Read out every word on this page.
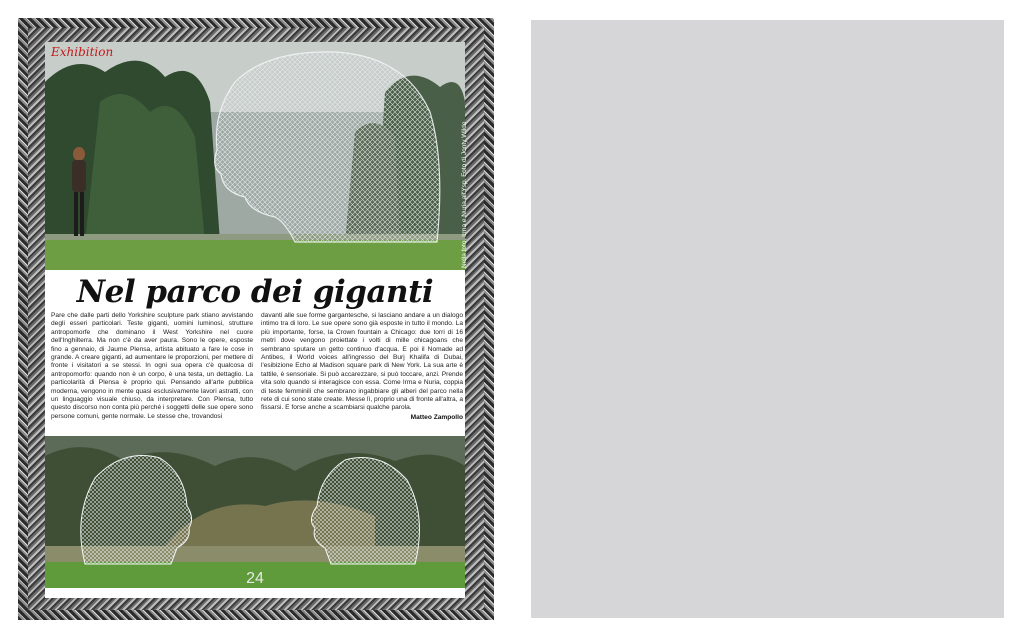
Exhibition
Nella foto, Irma e Nuria all'Ysp. Foto di Jonty Wilde
Nel parco dei giganti
Pare che dalle parti dello Yorkshire sculpture park stiano avvistando degli esseri particolari. Teste giganti, uomini luminosi, strutture antropomorfe che dominano il West Yorkshire nel cuore dell'Inghilterra. Ma non c'è da aver paura. Sono le opere, esposte fino a gennaio, di Jaume Plensa, artista abituato a fare le cose in grande. A creare giganti, ad aumentare le proporzioni, per mettere di fronte i visitatori a se stessi. In ogni sua opera c'è qualcosa di antropomorfo: quando non è un corpo, è una testa, un dettaglio. La particolarità di Plensa è proprio qui. Pensando all'arte pubblica moderna, vengono in mente quasi esclusivamente lavori astratti, con un linguaggio visuale chiuso, da interpretare. Con Plensa, tutto questo discorso non conta più perché i soggetti delle sue opere sono persone comuni, gente normale. Le stesse che, trovandosi
davanti alle sue forme gargantesche, si lasciano andare a un dialogo intimo tra di loro. Le sue opere sono già esposte in tutto il mondo. La più importante, forse, la Crown fountain a Chicago: due torri di 16 metri dove vengono proiettate i volti di mille chicagoans che sembrano sputare un getto continuo d'acqua. E poi il Nomade ad Antibes, il World voices all'ingresso del Burj Khalifa di Dubai, l'esibizione Echo al Madison square park di New York. La sua arte è tattile, è sensoriale. Si può accarezzare, si può toccare, anzi. Prende vita solo quando si interagisce con essa. Come Irma e Nuria, coppia di teste femminili che sembrano ingabbiare gli alberi del parco nella rete di cui sono state create. Messe lì, proprio una di fronte all'altra, a fissarsi. E forse anche a scambiarsi qualche parola.
Matteo Zampollo
24
